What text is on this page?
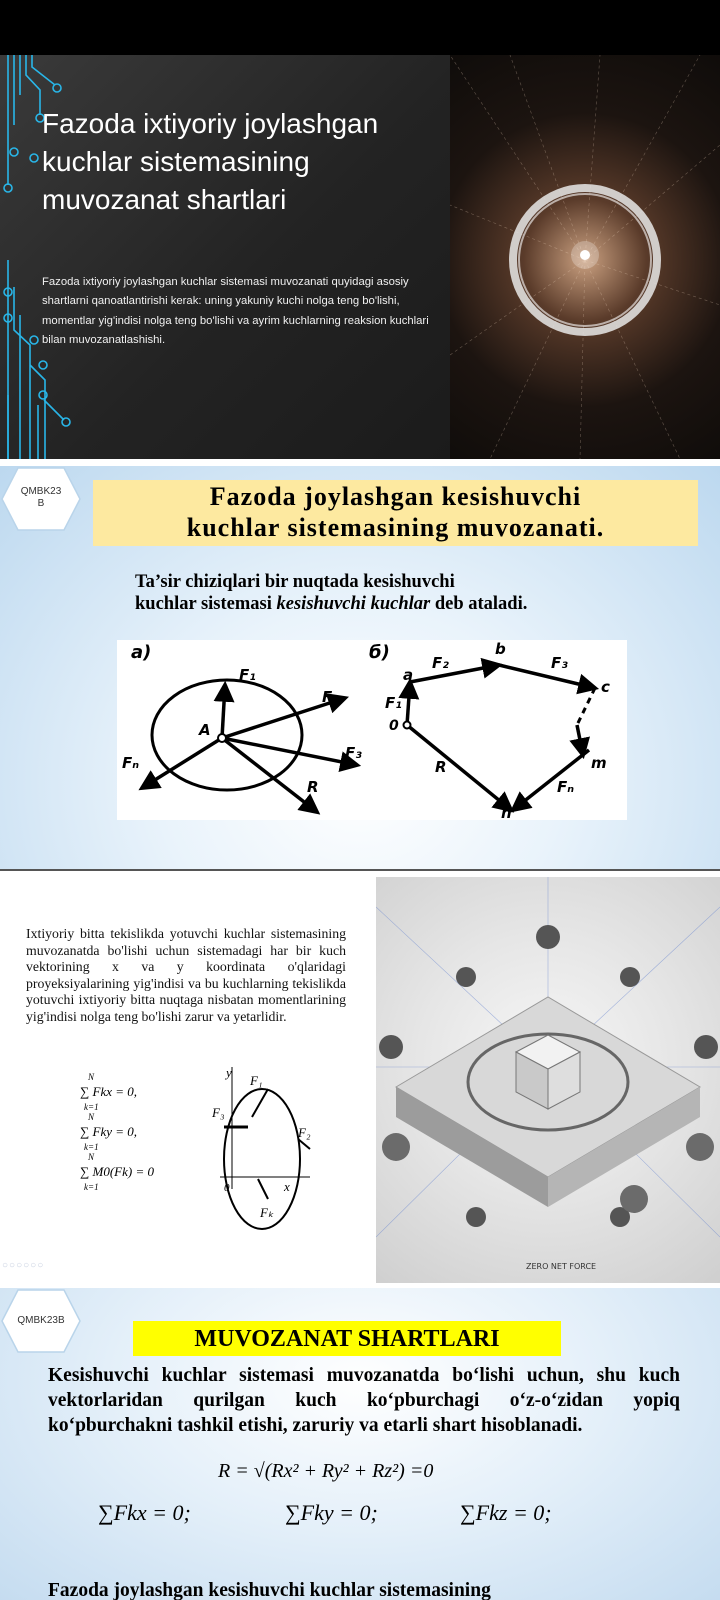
Fazoda ixtiyoriy joylashgan kuchlar sistemasining muvozanat shartlari
Fazoda ixtiyoriy joylashgan kuchlar sistemasi muvozanati quyidagi asosiy shartlarni qanoatlantirishi kerak: uning yakuniy kuchi nolga teng bo'lishi, momentlar yig'indisi nolga teng bo'lishi va ayrim kuchlarning reaksion kuchlari bilan muvozanatlashishi.
QMBK23
B	Fazoda joylashgan kesishuvchi
kuchlar sistemasining muvozanati.
Ta’sir chiziqlari bir nuqtada kesishuvchi
kuchlar sistemasi kesishuvchi kuchlar deb ataladi.
a)
F₁
F₂
F₃
Fₙ
R
A
б)
a
b
c
m
n
0
F₂	F₃
F₁
R
Fₙ
Ixtiyoriy bitta tekislikda yotuvchi kuchlar sistemasining muvozanatda bo'lishi uchun sistemadagi har bir kuch vektorining x va y koordinata o'qlaridagi proyeksiyalarining yig'indisi va bu kuchlarning tekislikda yotuvchi ixtiyoriy bitta nuqtaga nisbatan momentlarining yig'indisi nolga teng bo'lishi zarur va yetarlidir.
N
∑ Fkx = 0,
k=1
N
∑ Fky = 0,
k=1
N
∑ M0(Fk) = 0
k=1
y
x
0
F₁
F₃
F₂
Fₖ
ZERO NET FORCE
○○○○○○
QMBK23B
MUVOZANAT SHARTLARI
Kesishuvchi kuchlar sistemasi muvozanatda bo‘lishi uchun, shu kuch vektorlaridan qurilgan kuch ko‘pburchagi o‘z-o‘zidan yopiq ko‘pburchakni tashkil etishi, zaruriy va etarli shart hisoblanadi.
R = √(Rx² + Ry² + Rz²) =0
∑Fkx = 0;	∑Fky = 0;	∑Fkz = 0;
Fazoda joylashgan kesishuvchi kuchlar sistemasining
